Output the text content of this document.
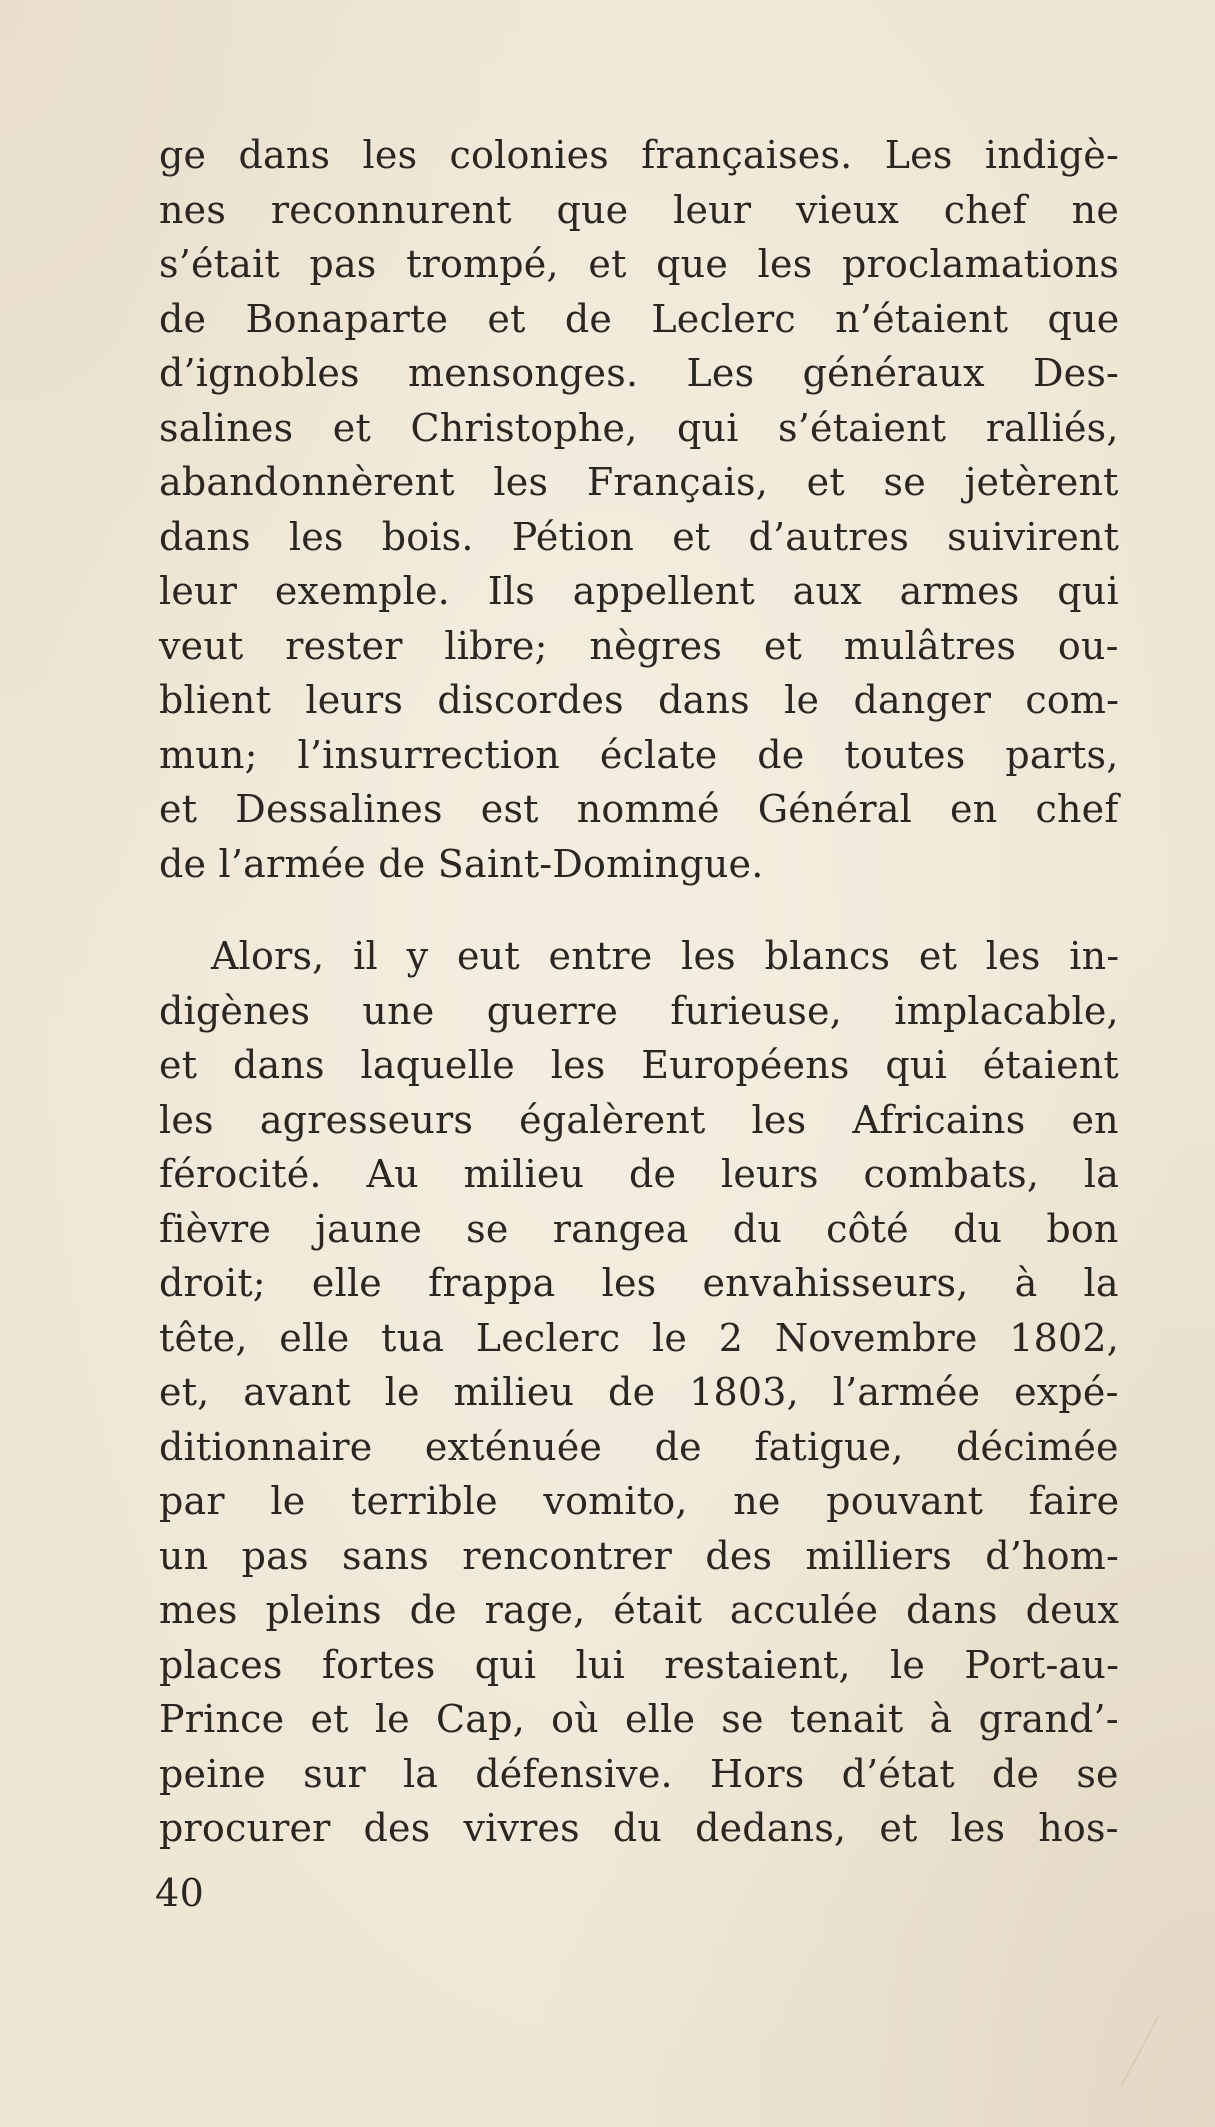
ge dans les colonies françaises. Les indigè-
nes reconnurent que leur vieux chef ne
s’était pas trompé, et que les proclamations
de Bonaparte et de Leclerc n’étaient que
d’ignobles mensonges. Les généraux Des-
salines et Christophe, qui s’étaient ralliés,
abandonnèrent les Français, et se jetèrent
dans les bois. Pétion et d’autres suivirent
leur exemple. Ils appellent aux armes qui
veut rester libre; nègres et mulâtres ou-
blient leurs discordes dans le danger com-
mun; l’insurrection éclate de toutes parts,
et Dessalines est nommé Général en chef
de l’armée de Saint-Domingue.
Alors, il y eut entre les blancs et les in-
digènes une guerre furieuse, implacable,
et dans laquelle les Européens qui étaient
les agresseurs égalèrent les Africains en
férocité. Au milieu de leurs combats, la
fièvre jaune se rangea du côté du bon
droit; elle frappa les envahisseurs, à la
tête, elle tua Leclerc le 2 Novembre 1802,
et, avant le milieu de 1803, l’armée expé-
ditionnaire exténuée de fatigue, décimée
par le terrible vomito, ne pouvant faire
un pas sans rencontrer des milliers d’hom-
mes pleins de rage, était acculée dans deux
places fortes qui lui restaient, le Port-au-
Prince et le Cap, où elle se tenait à grand’-
peine sur la défensive. Hors d’état de se
procurer des vivres du dedans, et les hos-
40
